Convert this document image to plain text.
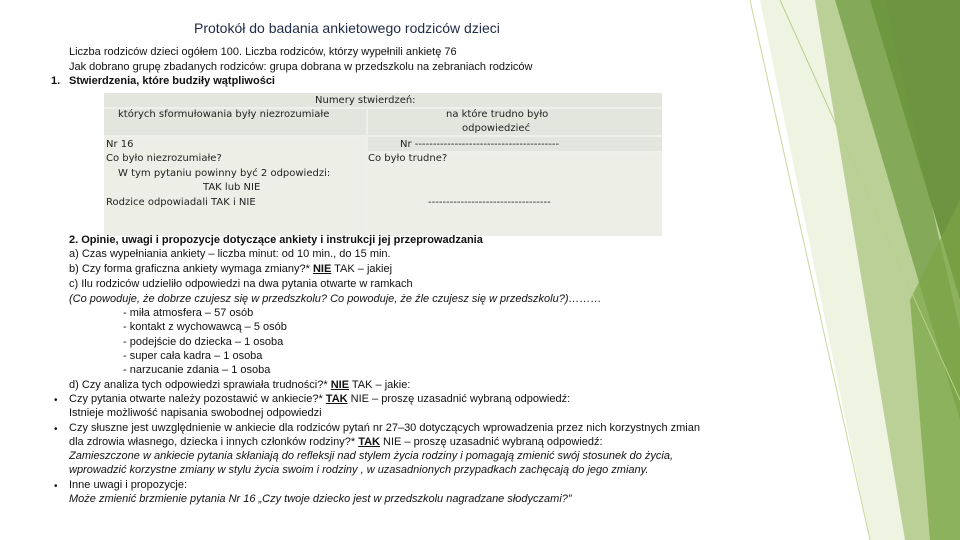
Protokół do badania ankietowego rodziców dzieci
Liczba rodziców dzieci ogółem 100. Liczba rodziców, którzy wypełnili ankietę 76
Jak dobrano grupę zbadanych rodziców: grupa dobrana w przedszkolu na zebraniach rodziców
1. Stwierdzenia, które budziły wątpliwości
Numery stwierdzeń:
których sformułowania były niezrozumiałe	na które trudno było
odpowiedzieć
Nr 16
Co było niezrozumiałe?
W tym pytaniu powinny być 2 odpowiedzi:
TAK lub NIE
Rodzice odpowiadali TAK i NIE
Nr ----------------------------------------
Co było trudne?
----------------------------------
2. Opinie, uwagi i propozycje dotyczące ankiety i instrukcji jej przeprowadzania
a) Czas wypełniania ankiety – liczba minut: od 10 min., do 15 min.
b) Czy forma graficzna ankiety wymaga zmiany?* NIE TAK – jakiej
c) Ilu rodziców udzieliło odpowiedzi na dwa pytania otwarte w ramkach
(Co powoduje, że dobrze czujesz się w przedszkolu? Co powoduje, że źle czujesz się w przedszkolu?)………
- miła atmosfera – 57 osób
- kontakt z wychowawcą – 5 osób
- podejście do dziecka – 1 osoba
- super cała kadra – 1 osoba
- narzucanie zdania – 1 osoba
d) Czy analiza tych odpowiedzi sprawiała trudności?* NIE TAK – jakie:
• Czy pytania otwarte należy pozostawić w ankiecie?* TAK NIE – proszę uzasadnić wybraną odpowiedź:
Istnieje możliwość napisania swobodnej odpowiedzi
• Czy słuszne jest uwzględnienie w ankiecie dla rodziców pytań nr 27–30 dotyczących wprowadzenia przez nich korzystnych zmian
dla zdrowia własnego, dziecka i innych członków rodziny?* TAK NIE – proszę uzasadnić wybraną odpowiedź:
Zamieszczone w ankiecie pytania skłaniają do refleksji nad stylem życia rodziny i pomagają zmienić swój stosunek do życia,
wprowadzić korzystne zmiany w stylu życia swoim i rodziny , w uzasadnionych przypadkach zachęcają do jego zmiany.
• Inne uwagi i propozycje:
Może zmienić brzmienie pytania Nr 16 „Czy twoje dziecko jest w przedszkolu nagradzane słodyczami?”
